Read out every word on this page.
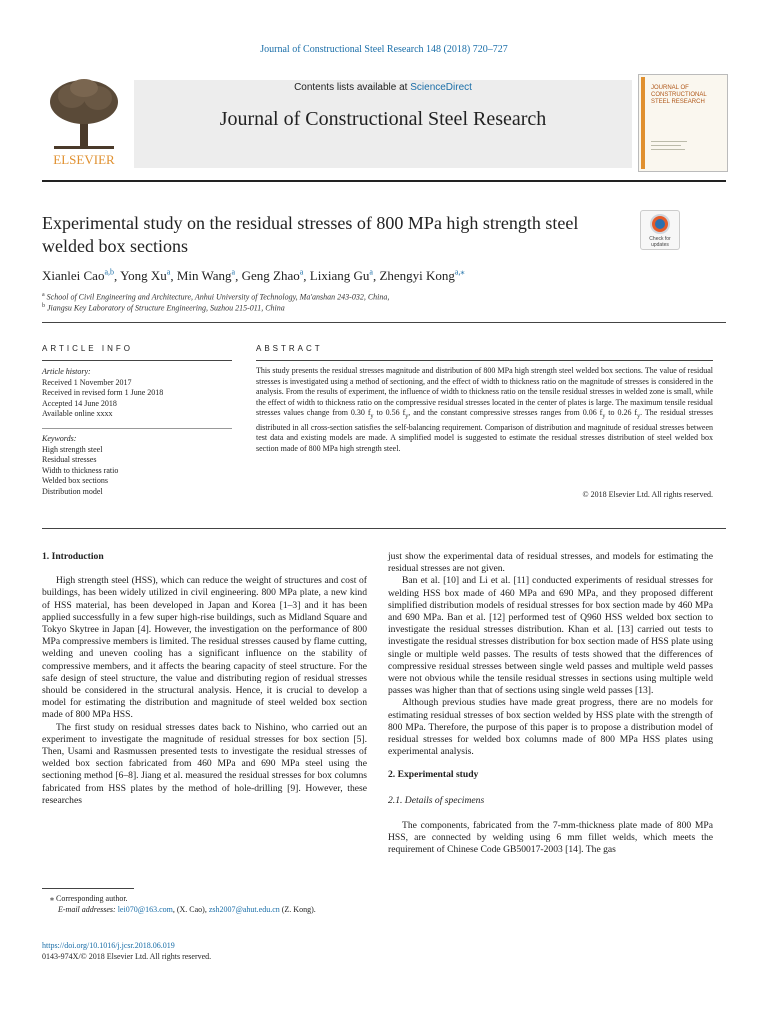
Journal of Constructional Steel Research 148 (2018) 720–727
ELSEVIER
Contents lists available at ScienceDirect
Journal of Constructional Steel Research
JOURNAL OF CONSTRUCTIONAL STEEL RESEARCH
Experimental study on the residual stresses of 800 MPa high strength steel welded box sections	Check for updates
Xianlei Cao$^{a,b}$, Yong Xu$^a$, Min Wang$^a$, Geng Zhao$^a$, Lixiang Gu$^a$, Zhengyi Kong$^{a,⁎}$
$^a$ School of Civil Engineering and Architecture, Anhui University of Technology, Ma'anshan 243-032, China,
$^b$ Jiangsu Key Laboratory of Structure Engineering, Suzhou 215-011, China
ARTICLE INFO
Article history:
Received 1 November 2017
Received in revised form 1 June 2018
Accepted 14 June 2018
Available online xxxx
Keywords:
High strength steel
Residual stresses
Width to thickness ratio
Welded box sections
Distribution model
ABSTRACT
This study presents the residual stresses magnitude and distribution of 800 MPa high strength steel welded box sections. The value of residual stresses is investigated using a method of sectioning, and the effect of width to thickness ratio on the magnitude of stresses is considered in the analysis. From the results of experiment, the influence of width to thickness ratio on the tensile residual stresses in welded zone is small, while the effect of width to thickness ratio on the compressive residual stresses located in the center of plates is large. The maximum tensile residual stresses values change from 0.30 $f_y$ to 0.56 $f_y$, and the constant compressive stresses ranges from 0.06 $f_y$ to 0.26 $f_y$. The residual stresses distributed in all cross-section satisfies the self-balancing requirement. Comparison of distribution and magnitude of residual stresses between test data and existing models are made. A simplified model is suggested to estimate the residual stresses distribution of steel welded box section made of 800 MPa high strength steel.
© 2018 Elsevier Ltd. All rights reserved.
1. Introduction

High strength steel (HSS), which can reduce the weight of structures and cost of buildings, has been widely utilized in civil engineering. 800 MPa plate, a new kind of HSS material, has been developed in Japan and Korea [1–3] and it has been applied successfully in a few super high-rise buildings, such as Midland Square and Tokyo Skytree in Japan [4]. However, the investigation on the performance of 800 MPa compressive members is limited. The residual stresses caused by flame cutting, welding and uneven cooling has a significant influence on the stability of compressive members, and it affects the bearing capacity of steel structure. For the safe design of steel structure, the value and distributing region of residual stresses should be considered in the structural analysis. Hence, it is crucial to develop a model for estimating the distribution and magnitude of steel welded box section made of 800 MPa HSS.

The first study on residual stresses dates back to Nishino, who carried out an experiment to investigate the magnitude of residual stresses for box section [5]. Then, Usami and Rasmussen presented tests to investigate the residual stresses of welded box section fabricated from 460 MPa and 690 MPa steel using the sectioning method [6–8]. Jiang et al. measured the residual stresses for box columns fabricated from HSS plates by the method of hole-drilling [9]. However, these researches

just show the experimental data of residual stresses, and models for estimating the residual stresses are not given.

Ban et al. [10] and Li et al. [11] conducted experiments of residual stresses for welding HSS box made of 460 MPa and 690 MPa, and they proposed different simplified distribution models of residual stresses for box section made by 460 MPa and 690 MPa. Ban et al. [12] performed test of Q960 HSS welded box section to investigate the residual stresses distribution. Khan et al. [13] carried out tests to investigate the residual stresses distribution for box section made of HSS plate using single or multiple weld passes. The results of tests showed that the differences of compressive residual stresses between single weld passes and multiple weld passes were not obvious while the tensile residual stresses in sections using multiple weld passes was higher than that of sections using single weld passes [13].

Although previous studies have made great progress, there are no models for estimating residual stresses of box section welded by HSS plate with the strength of 800 MPa. Therefore, the purpose of this paper is to propose a distribution model of residual stresses for welded box columns made of 800 MPa HSS plates using experimental analysis.

2. Experimental study
2.1. Details of specimens

The components, fabricated from the 7-mm-thickness plate made of 800 MPa HSS, are connected by welding using 6 mm fillet welds, which meets the requirement of Chinese Code GB50017-2003 [14]. The gas

⁎ Corresponding author.
E-mail addresses: lei070@163.com, (X. Cao), zsh2007@ahut.edu.cn (Z. Kong).
https://doi.org/10.1016/j.jcsr.2018.06.019
0143-974X/© 2018 Elsevier Ltd. All rights reserved.
